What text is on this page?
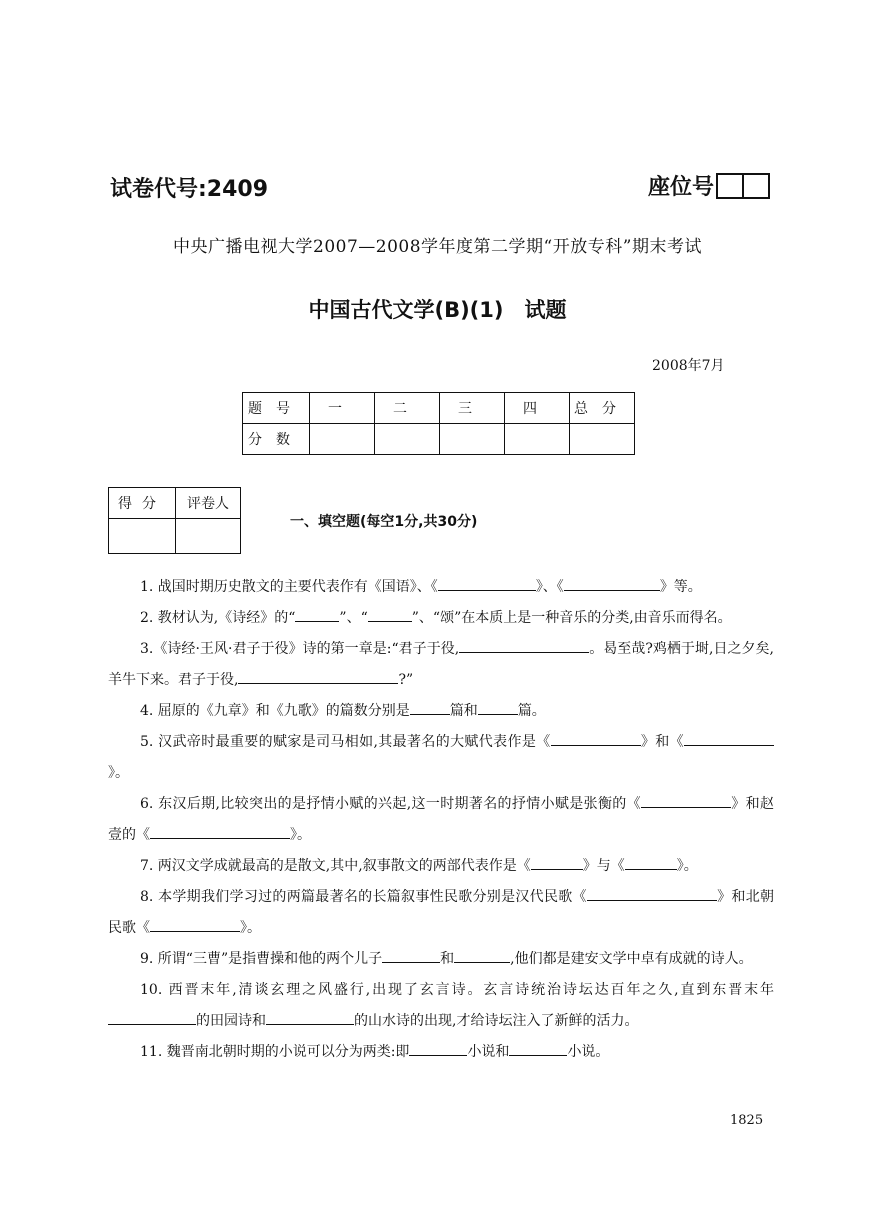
试卷代号:2409	座位号
中央广播电视大学2007—2008学年度第二学期“开放专科”期末考试
中国古代文学(B)(1)　试题
2008年7月
题号	一	二	三	四	总分
分数					
得分	评卷人

一、填空题(每空1分,共30分)

1. 战国时期历史散文的主要代表作有《国语》、《	》、《	》等。

2. 教材认为,《诗经》的“	”、“	”、“颂”在本质上是一种音乐的分类,由音乐而得名。

3.《诗经·王风·君子于役》诗的第一章是:“君子于役,	。曷至哉?鸡栖于埘,日之夕矣,羊牛下来。君子于役,	?”

4. 屈原的《九章》和《九歌》的篇数分别是	篇和	篇。

5. 汉武帝时最重要的赋家是司马相如,其最著名的大赋代表作是《	》和《》。

6. 东汉后期,比较突出的是抒情小赋的兴起,这一时期著名的抒情小赋是张衡的《	》和赵壹的《	》。

7. 两汉文学成就最高的是散文,其中,叙事散文的两部代表作是《	》与《	》。

8. 本学期我们学习过的两篇最著名的长篇叙事性民歌分别是汉代民歌《	》和北朝民歌《	》。

9. 所谓“三曹”是指曹操和他的两个儿子	和	,他们都是建安文学中卓有成就的诗人。

10. 西晋末年,清谈玄理之风盛行,出现了玄言诗。玄言诗统治诗坛达百年之久,直到东晋末年的田园诗和	的山水诗的出现,才给诗坛注入了新鲜的活力。

11. 魏晋南北朝时期的小说可以分为两类:即	小说和	小说。

1825
